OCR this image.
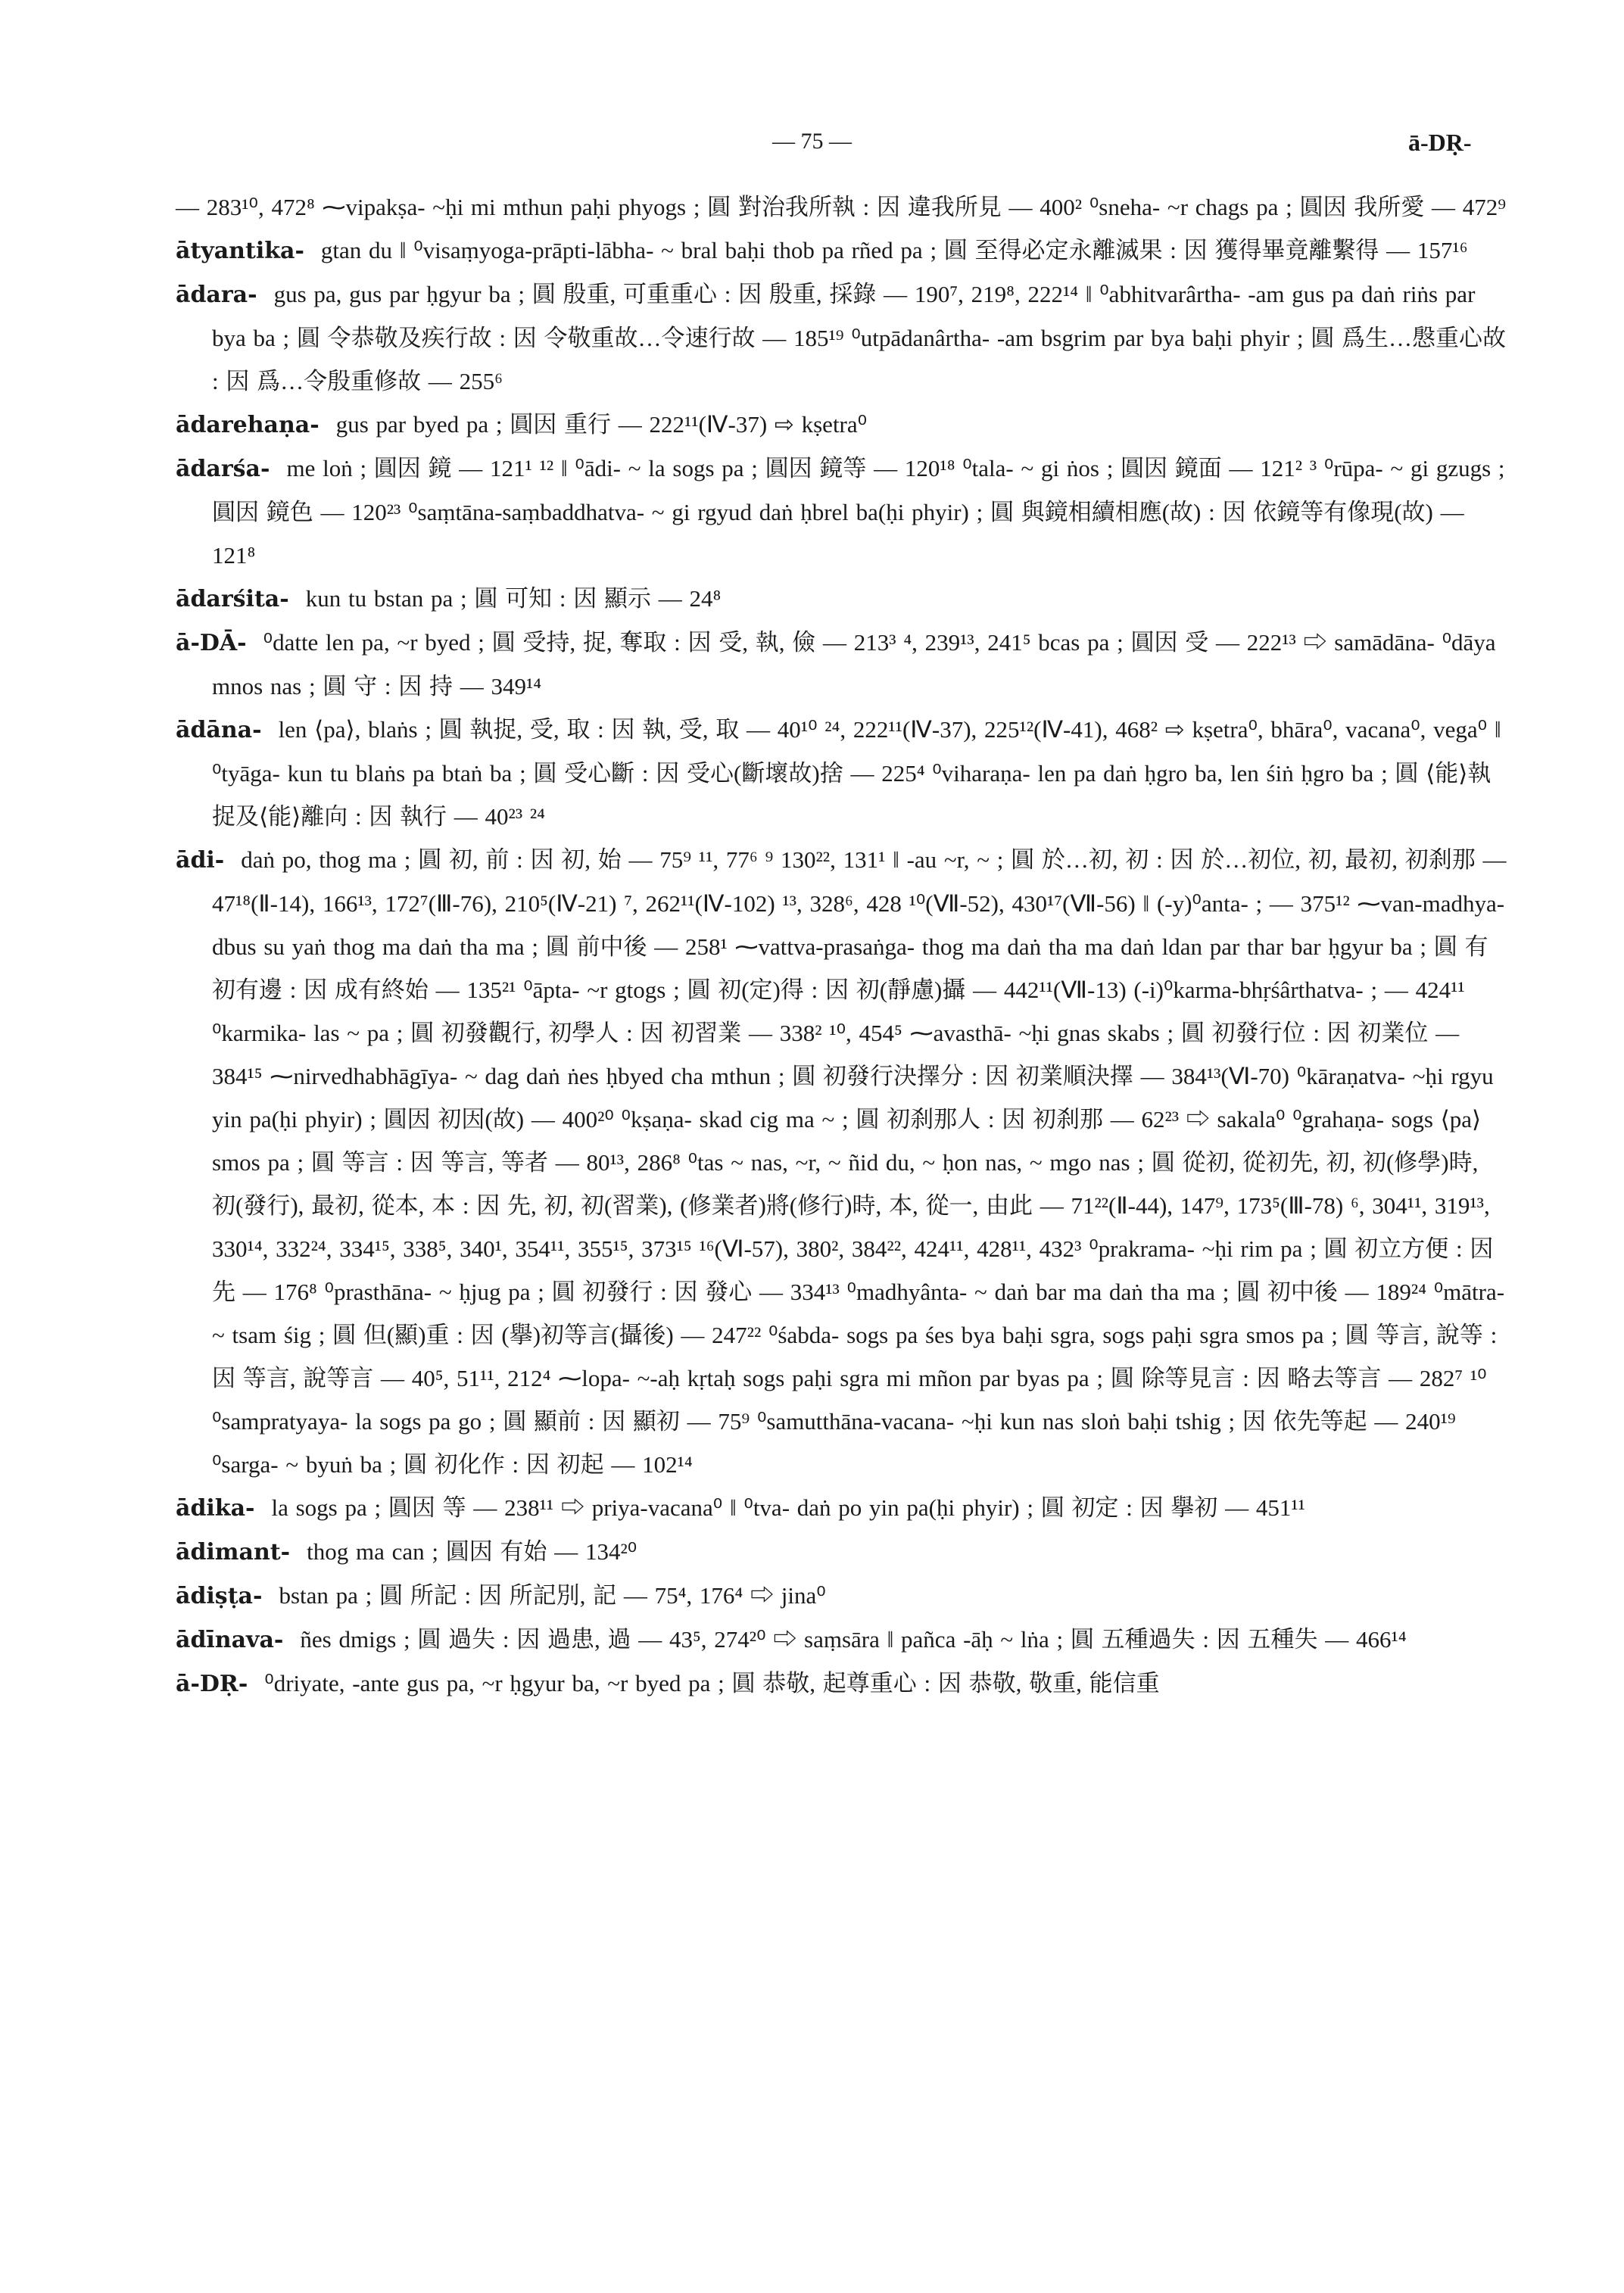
— 75 —	ā-DṚ-

— 283¹⁰, 472⁸ ⁓vipakṣa- ~ḥi mi mthun paḥi phyogs ; 圓 對治我所執 : 因 違我所見 — 400² ⁰sneha- ~r chags pa ; 圓因 我所愛 — 472⁹

ātyantika- gtan du ‖ ⁰visaṃyoga-prāpti-lābha- ~ bral baḥi thob pa rñed pa ; 圓 至得必定永離滅果 : 因 獲得畢竟離繫得 — 157¹⁶

ādara- gus pa, gus par ḥgyur ba ; 圓 殷重, 可重重心 : 因 殷重, 採錄 — 190⁷, 219⁸, 222¹⁴ ‖ ⁰abhitvarârtha- -am gus pa daṅ riṅs par bya ba ; 圓 令恭敬及疾行故 : 因 令敬重故…令速行故 — 185¹⁹ ⁰utpādanârtha- -am bsgrim par bya baḥi phyir ; 圓 爲生…慇重心故 : 因 爲…令殷重修故 — 255⁶

ādarehaṇa- gus par byed pa ; 圓因 重行 — 222¹¹(Ⅳ-37) ⇨ kṣetra⁰

ādarśa- me loṅ ; 圓因 鏡 — 121¹ ¹² ‖ ⁰ādi- ~ la sogs pa ; 圓因 鏡等 — 120¹⁸ ⁰tala- ~ gi ṅos ; 圓因 鏡面 — 121² ³ ⁰rūpa- ~ gi gzugs ; 圓因 鏡色 — 120²³ ⁰saṃtāna-saṃbaddhatva- ~ gi rgyud daṅ ḥbrel ba(ḥi phyir) ; 圓 與鏡相續相應(故) : 因 依鏡等有像現(故) — 121⁸

ādarśita- kun tu bstan pa ; 圓 可知 : 因 顯示 — 24⁸

ā-DĀ- ⁰datte len pa, ~r byed ; 圓 受持, 捉, 奪取 : 因 受, 執, 儉 — 213³ ⁴, 239¹³, 241⁵ bcas pa ; 圓因 受 — 222¹³ ⇨ samādāna- ⁰dāya mnos nas ; 圓 守 : 因 持 — 349¹⁴

ādāna- len ⟨pa⟩, blaṅs ; 圓 執捉, 受, 取 : 因 執, 受, 取 — 40¹⁰ ²⁴, 222¹¹(Ⅳ-37), 225¹²(Ⅳ-41), 468² ⇨ kṣetra⁰, bhāra⁰, vacana⁰, vega⁰ ‖ ⁰tyāga- kun tu blaṅs pa btaṅ ba ; 圓 受心斷 : 因 受心(斷壞故)捨 — 225⁴ ⁰viharaṇa- len pa daṅ ḥgro ba, len śiṅ ḥgro ba ; 圓 ⟨能⟩執捉及⟨能⟩離向 : 因 執行 — 40²³ ²⁴

ādi- daṅ po, thog ma ; 圓 初, 前 : 因 初, 始 — 75⁹ ¹¹, 77⁶ ⁹ 130²², 131¹ ‖ -au ~r, ~ ; 圓 於…初, 初 : 因 於…初位, 初, 最初, 初刹那 — 47¹⁸(Ⅱ-14), 166¹³, 172⁷(Ⅲ-76), 210⁵(Ⅳ-21) ⁷, 262¹¹(Ⅳ-102) ¹³, 328⁶, 428 ¹⁰(Ⅶ-52), 430¹⁷(Ⅶ-56) ‖ (-y)⁰anta- ; — 375¹² ⁓van-madhya- dbus su yaṅ thog ma daṅ tha ma ; 圓 前中後 — 258¹ ⁓vattva-prasaṅga- thog ma daṅ tha ma daṅ ldan par thar bar ḥgyur ba ; 圓 有初有邊 : 因 成有終始 — 135²¹ ⁰āpta- ~r gtogs ; 圓 初(定)得 : 因 初(靜慮)攝 — 442¹¹(Ⅶ-13) (-i)⁰karma-bhṛśârthatva- ; — 424¹¹ ⁰karmika- las ~ pa ; 圓 初發觀行, 初學人 : 因 初習業 — 338² ¹⁰, 454⁵ ⁓avasthā- ~ḥi gnas skabs ; 圓 初發行位 : 因 初業位 — 384¹⁵ ⁓nirvedhabhāgīya- ~ dag daṅ ṅes ḥbyed cha mthun ; 圓 初發行決擇分 : 因 初業順決擇 — 384¹³(Ⅵ-70) ⁰kāraṇatva- ~ḥi rgyu yin pa(ḥi phyir) ; 圓因 初因(故) — 400²⁰ ⁰kṣaṇa- skad cig ma ~ ; 圓 初刹那人 : 因 初刹那 — 62²³ ⇨ sakala⁰ ⁰grahaṇa- sogs ⟨pa⟩ smos pa ; 圓 等言 : 因 等言, 等者 — 80¹³, 286⁸ ⁰tas ~ nas, ~r, ~ ñid du, ~ ḥon nas, ~ mgo nas ; 圓 從初, 從初先, 初, 初(修學)時, 初(發行), 最初, 從本, 本 : 因 先, 初, 初(習業), (修業者)將(修行)時, 本, 從一, 由此 — 71²²(Ⅱ-44), 147⁹, 173⁵(Ⅲ-78) ⁶, 304¹¹, 319¹³, 330¹⁴, 332²⁴, 334¹⁵, 338⁵, 340¹, 354¹¹, 355¹⁵, 373¹⁵ ¹⁶(Ⅵ-57), 380², 384²², 424¹¹, 428¹¹, 432³ ⁰prakrama- ~ḥi rim pa ; 圓 初立方便 : 因 先 — 176⁸ ⁰prasthāna- ~ ḥjug pa ; 圓 初發行 : 因 發心 — 334¹³ ⁰madhyânta- ~ daṅ bar ma daṅ tha ma ; 圓 初中後 — 189²⁴ ⁰mātra- ~ tsam śig ; 圓 但(顯)重 : 因 (擧)初等言(攝後) — 247²² ⁰śabda- sogs pa śes bya baḥi sgra, sogs paḥi sgra smos pa ; 圓 等言, 說等 : 因 等言, 說等言 — 40⁵, 51¹¹, 212⁴ ⁓lopa- ~-aḥ kṛtaḥ sogs paḥi sgra mi mñon par byas pa ; 圓 除等見言 : 因 略去等言 — 282⁷ ¹⁰ ⁰sampratyaya- la sogs pa go ; 圓 顯前 : 因 顯初 — 75⁹ ⁰samutthāna-vacana- ~ḥi kun nas sloṅ baḥi tshig ; 因 依先等起 — 240¹⁹ ⁰sarga- ~ byuṅ ba ; 圓 初化作 : 因 初起 — 102¹⁴

ādika- la sogs pa ; 圓因 等 — 238¹¹ ⇨ priya-vacana⁰ ‖ ⁰tva- daṅ po yin pa(ḥi phyir) ; 圓 初定 : 因 擧初 — 451¹¹

ādimant- thog ma can ; 圓因 有始 — 134²⁰

ādiṣṭa- bstan pa ; 圓 所記 : 因 所記別, 記 — 75⁴, 176⁴ ⇨ jina⁰

ādīnava- ñes dmigs ; 圓 過失 : 因 過患, 過 — 43⁵, 274²⁰ ⇨ saṃsāra ‖ pañca -āḥ ~ lṅa ; 圓 五種過失 : 因 五種失 — 466¹⁴

ā-DṚ- ⁰driyate, -ante gus pa, ~r ḥgyur ba, ~r byed pa ; 圓 恭敬, 起尊重心 : 因 恭敬, 敬重, 能信重
